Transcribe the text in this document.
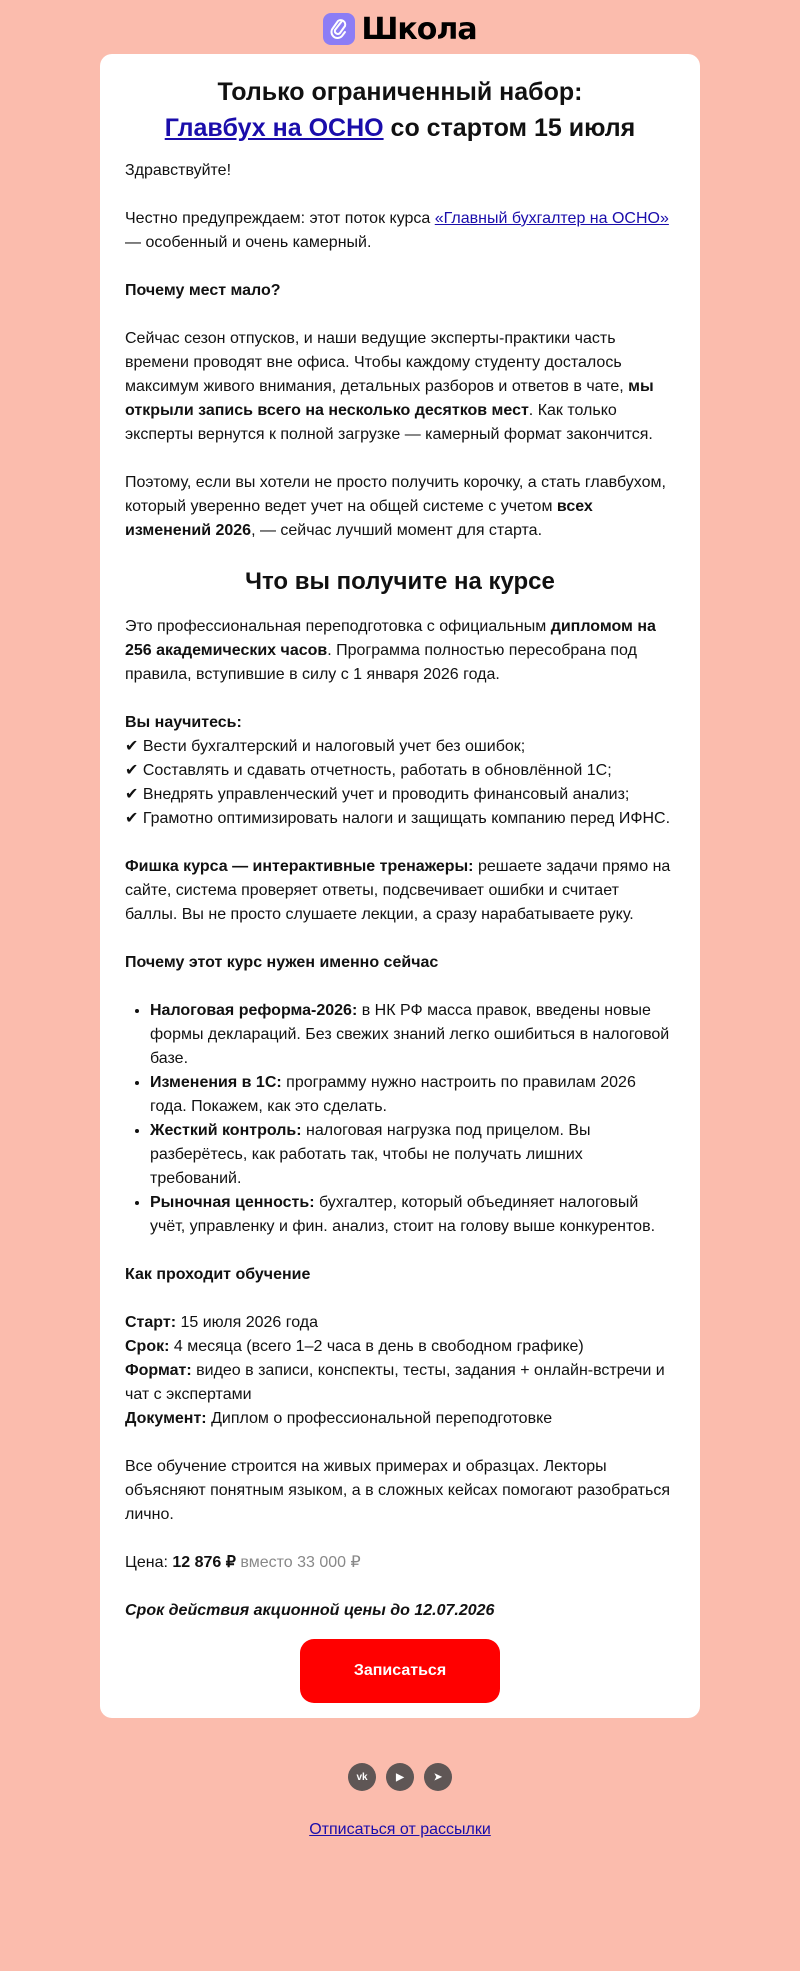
Школа
Только ограниченный набор:
Главбух на ОСНО со стартом 15 июля

Здравствуйте!

Честно предупреждаем: этот поток курса «Главный бухгалтер на ОСНО» — особенный и очень камерный.

Почему мест мало?

Сейчас сезон отпусков, и наши ведущие эксперты-практики часть времени проводят вне офиса. Чтобы каждому студенту досталось максимум живого внимания, детальных разборов и ответов в чате, мы открыли запись всего на несколько десятков мест. Как только эксперты вернутся к полной загрузке — камерный формат закончится.

Поэтому, если вы хотели не просто получить корочку, а стать главбухом, который уверенно ведет учет на общей системе с учетом всех изменений 2026, — сейчас лучший момент для старта.

Что вы получите на курсе

Это профессиональная переподготовка с официальным дипломом на 256 академических часов. Программа полностью пересобрана под правила, вступившие в силу с 1 января 2026 года.

Вы научитесь:
✔ Вести бухгалтерский и налоговый учет без ошибок;
✔ Составлять и сдавать отчетность, работать в обновлённой 1С;
✔ Внедрять управленческий учет и проводить финансовый анализ;
✔ Грамотно оптимизировать налоги и защищать компанию перед ИФНС.

Фишка курса — интерактивные тренажеры: решаете задачи прямо на сайте, система проверяет ответы, подсвечивает ошибки и считает баллы. Вы не просто слушаете лекции, а сразу нарабатываете руку.

Почему этот курс нужен именно сейчас

• Налоговая реформа-2026: в НК РФ масса правок, введены новые формы деклараций. Без свежих знаний легко ошибиться в налоговой базе.
• Изменения в 1С: программу нужно настроить по правилам 2026 года. Покажем, как это сделать.
• Жесткий контроль: налоговая нагрузка под прицелом. Вы разберётесь, как работать так, чтобы не получать лишних требований.
• Рыночная ценность: бухгалтер, который объединяет налоговый учёт, управленку и фин. анализ, стоит на голову выше конкурентов.

Как проходит обучение

Старт: 15 июля 2026 года
Срок: 4 месяца (всего 1–2 часа в день в свободном графике)
Формат: видео в записи, конспекты, тесты, задания + онлайн-встречи и чат с экспертами
Документ: Диплом о профессиональной переподготовке

Все обучение строится на живых примерах и образцах. Лекторы объясняют понятным языком, а в сложных кейсах помогают разобраться лично.

Цена: 12 876 ₽ вместо 33 000 ₽

Срок действия акционной цены до 12.07.2026
Записаться
vk	▶	➤
Отписаться от рассылки
